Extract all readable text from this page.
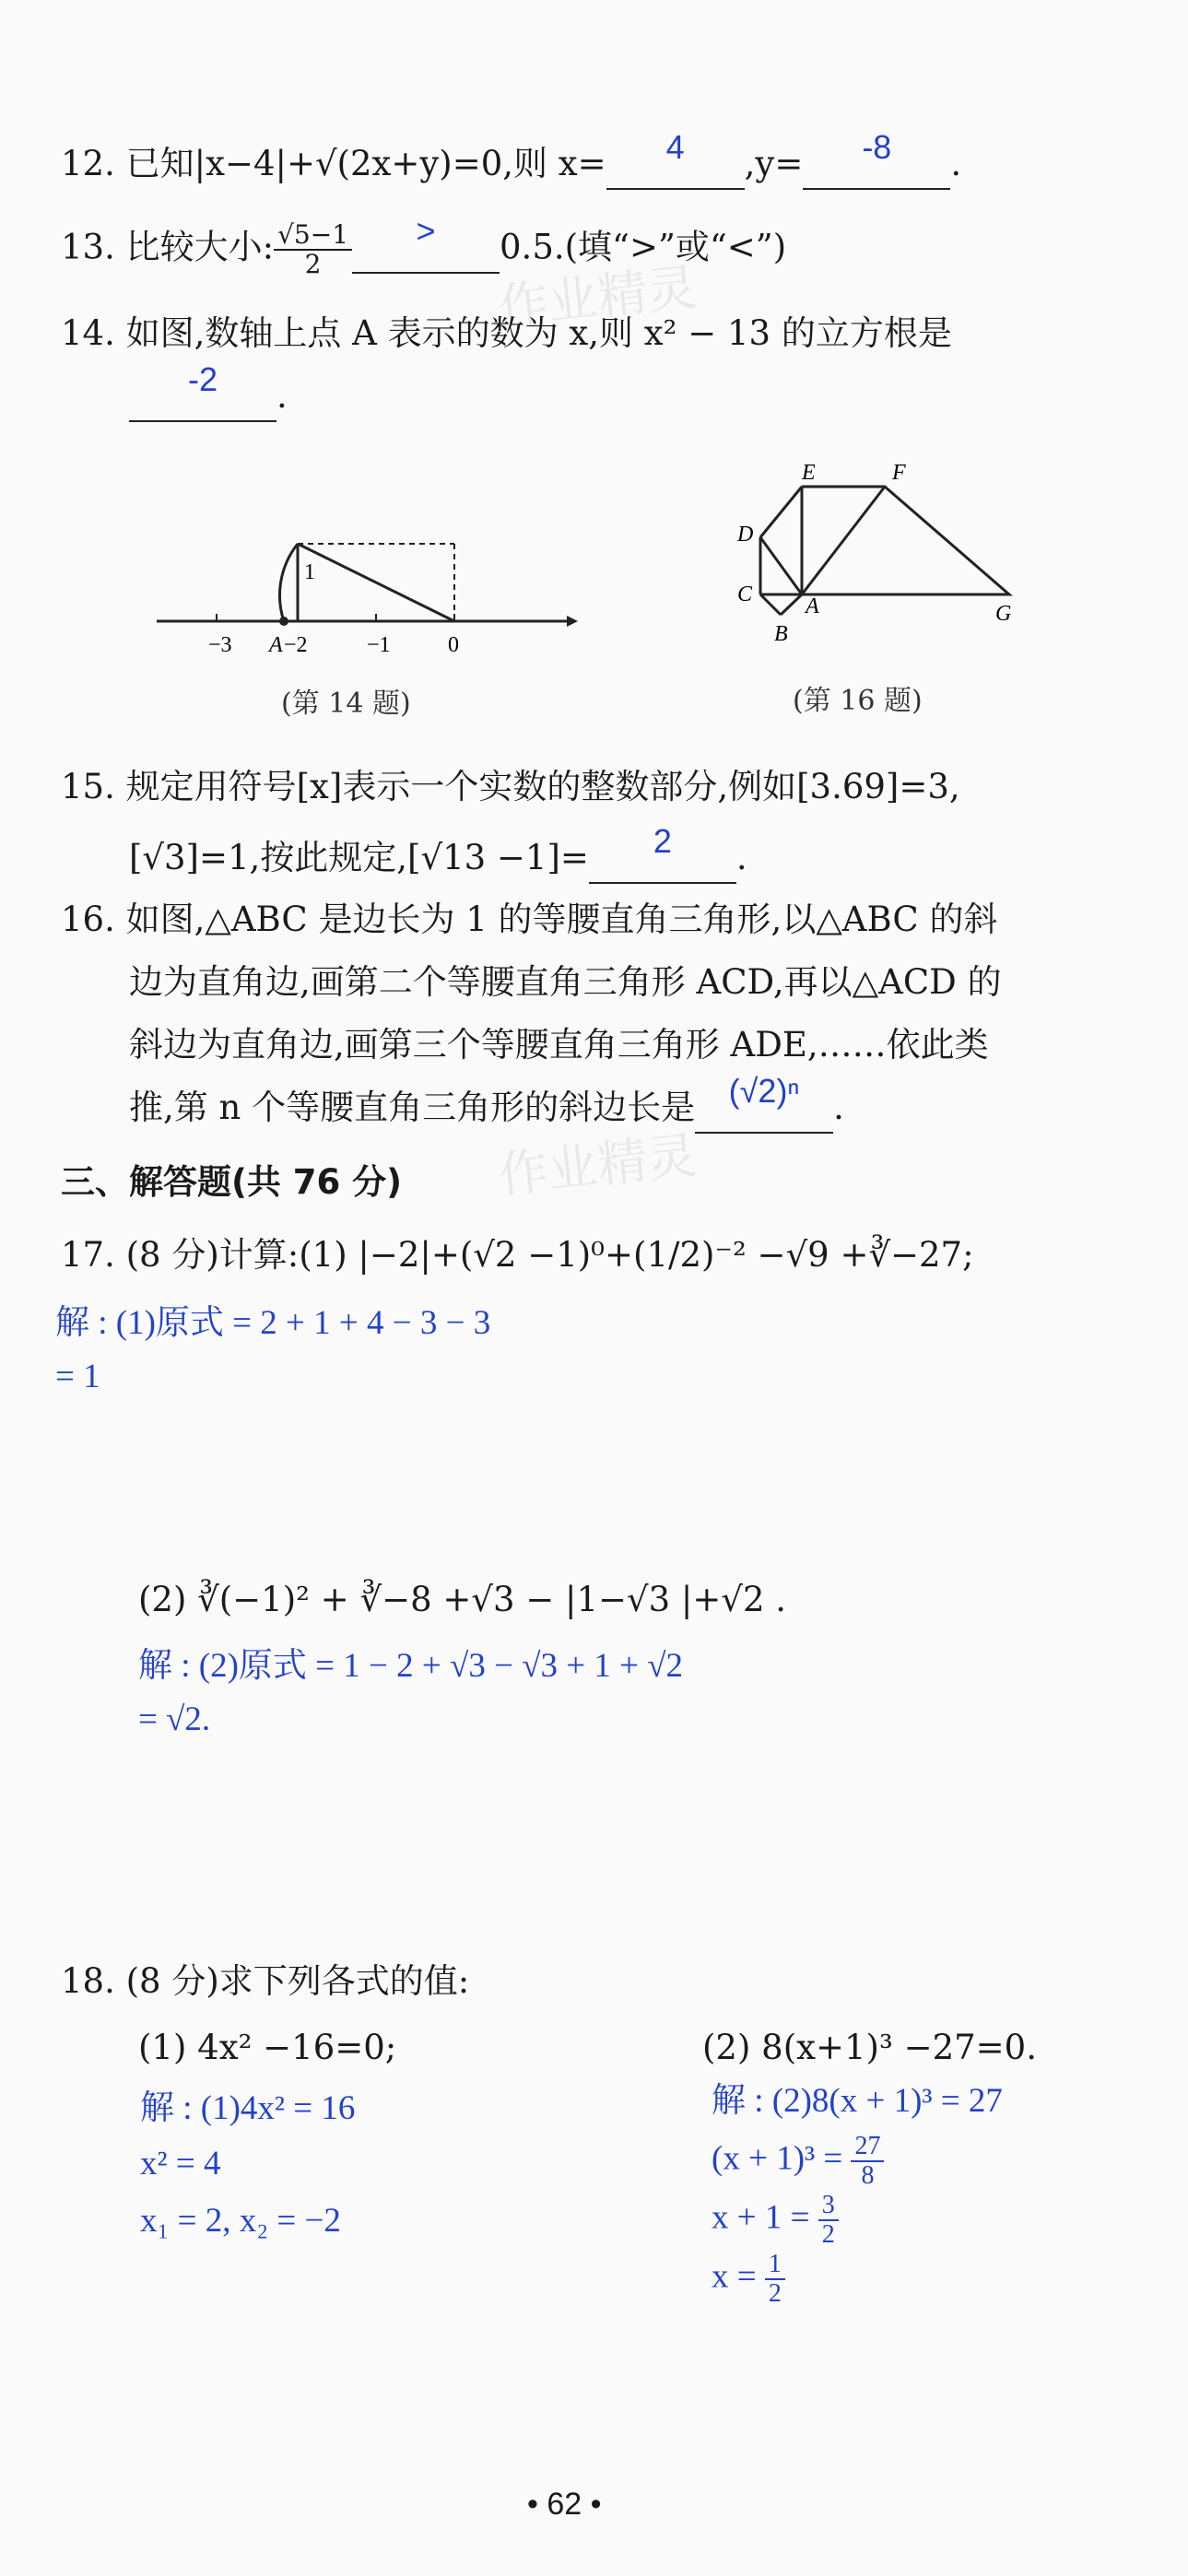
作业精灵
作业精灵
12. 已知|x−4|+√(2x+y)=0,则 x= 4 ,y= -8 .
13. 比较大小: $\frac{√5-1}{2} > 0.5$.(填“>”或“<”)
14. 如图,数轴上点 A 表示的数为 x,则 x² − 13 的立方根是
-2 .
−3 A −2	−1	0
1
(第 14 题)
E	F
D
C A
B
G
(第 16 题)
15. 规定用符号[x]表示一个实数的整数部分,例如[3.69]=3,
[√3]=1,按此规定,[√13 −1]= 2 .
16. 如图,△ABC 是边长为 1 的等腰直角三角形,以△ABC 的斜
边为直角边,画第二个等腰直角三角形 ACD,再以△ACD 的
斜边为直角边,画第三个等腰直角三角形 ADE,……依此类
推,第 n 个等腰直角三角形的斜边长是 (√2)ⁿ .
三、解答题(共 76 分)
17. (8 分)计算:(1) |−2|+(√2 −1)⁰+(1/2)⁻² −√9 +∛−27;
解 : (1)原式 = 2 + 1 + 4 − 3 − 3
= 1
(2) ∛(−1)² + ∛−8 +√3 − |1−√3 |+√2 .
解 : (2)原式 = 1 − 2 + √3 − √3 + 1 + √2
= √2.
18. (8 分)求下列各式的值:
(1) 4x² −16=0;	(2) 8(x+1)³ −27=0.
解 : (1)4x² = 16
x² = 4
x₁ = 2, x₂ = −2
解 : (2)8(x + 1)³ = 27
$(x + 1)^3 = \frac{27}{8}$
$x + 1 = \frac{3}{2}$
$x = \frac{1}{2}$
• 62 •
